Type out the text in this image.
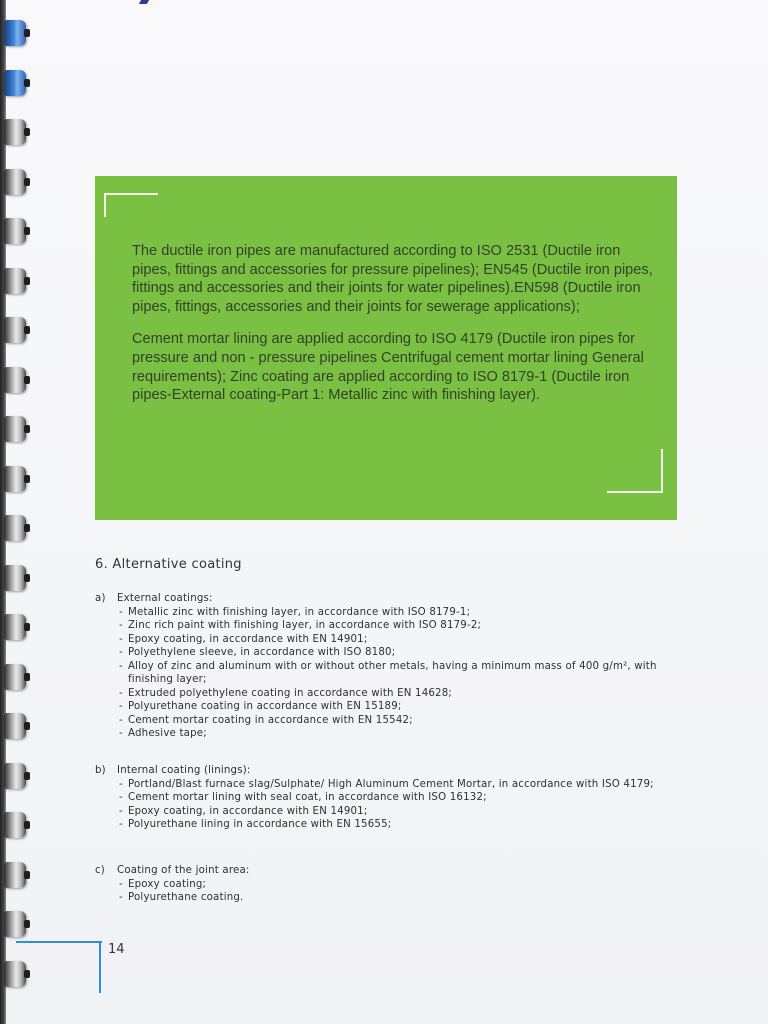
The ductile iron pipes are manufactured according to ISO 2531 (Ductile iron pipes, fittings and accessories for pressure pipelines); EN545 (Ductile iron pipes, fittings and accessories and their joints for water pipelines).EN598 (Ductile iron pipes, fittings, accessories and their joints for sewerage applications);

Cement mortar lining are applied according to ISO 4179 (Ductile iron pipes for pressure and non - pressure pipelines Centrifugal cement mortar lining General requirements); Zinc coating are applied according to ISO 8179-1 (Ductile iron pipes-External coating-Part 1: Metallic zinc with finishing layer).

6. Alternative coating
a)	External coatings:
- Metallic zinc with finishing layer, in accordance with ISO 8179-1;
- Zinc rich paint with finishing layer, in accordance with ISO 8179-2;
- Epoxy coating, in accordance with EN 14901;
- Polyethylene sleeve, in accordance with ISO 8180;
- Alloy of zinc and aluminum with or without other metals, having a minimum mass of 400 g/m², with finishing layer;
- Extruded polyethylene coating in accordance with EN 14628;
- Polyurethane coating in accordance with EN 15189;
- Cement mortar coating in accordance with EN 15542;
- Adhesive tape;
b)	Internal coating (linings):
- Portland/Blast furnace slag/Sulphate/ High Aluminum Cement Mortar, in accordance with ISO 4179;
- Cement mortar lining with seal coat, in accordance with ISO 16132;
- Epoxy coating, in accordance with EN 14901;
- Polyurethane lining in accordance with EN 15655;
c)	Coating of the joint area:
- Epoxy coating;
- Polyurethane coating.
14
